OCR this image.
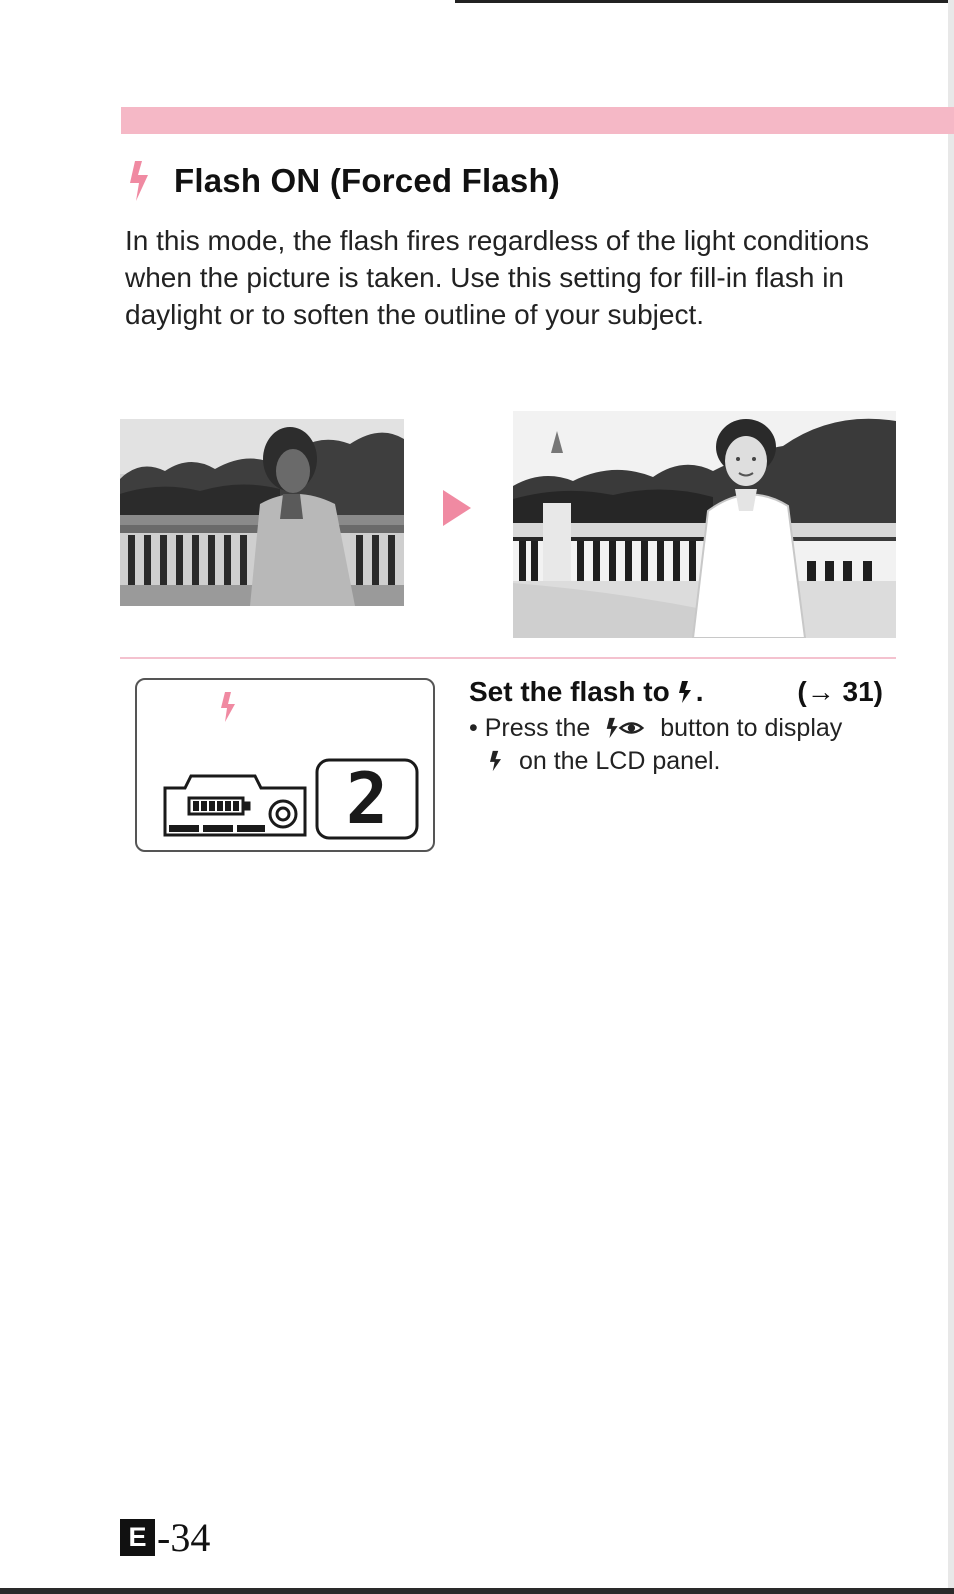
Flash ON (Forced Flash)

In this mode, the flash fires regardless of the light conditions when the picture is taken. Use this setting for fill-in flash in daylight or to soften the outline of your subject.

2
Set the flash to .	(→ 31)
• Press the	button to display
on the LCD panel.
E -34
